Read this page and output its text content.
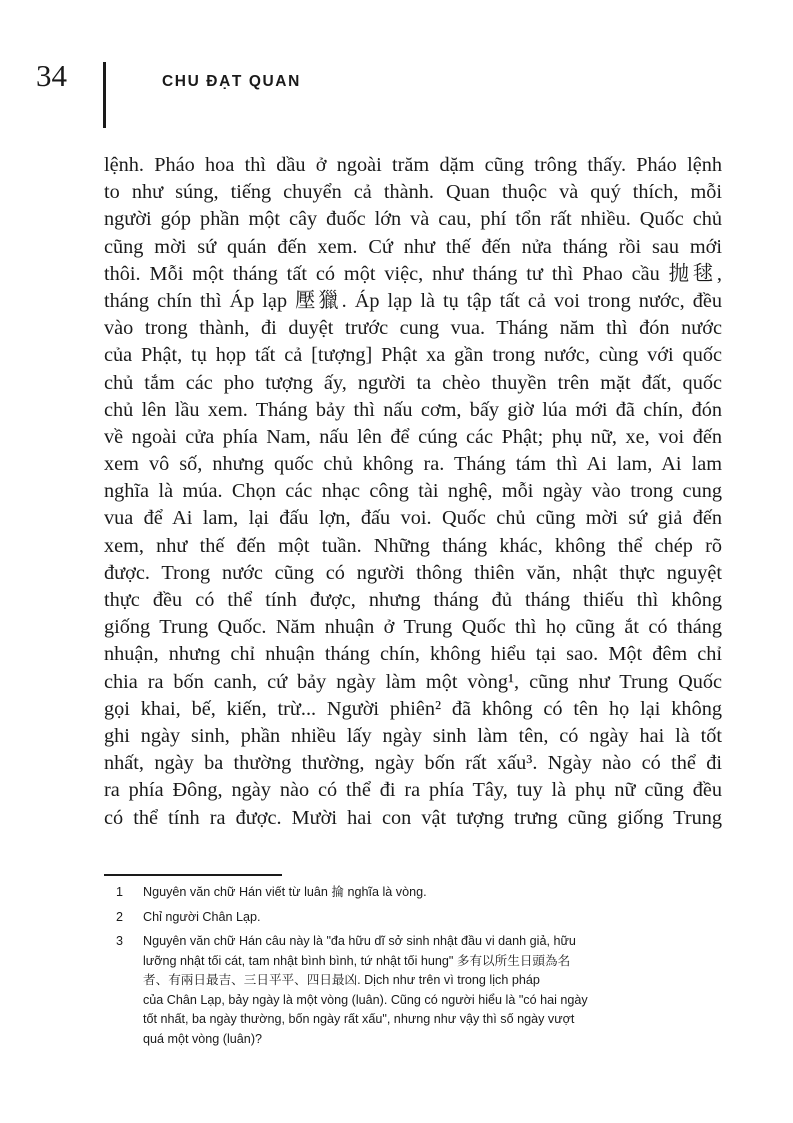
34	CHU ĐẠT QUAN
lệnh. Pháo hoa thì dầu ở ngoài trăm dặm cũng trông thấy. Pháo lệnh
to như súng, tiếng chuyển cả thành. Quan thuộc và quý thích, mỗi
người góp phần một cây đuốc lớn và cau, phí tổn rất nhiều. Quốc chủ
cũng mời sứ quán đến xem. Cứ như thế đến nửa tháng rồi sau mới
thôi. Mỗi một tháng tất có một việc, như tháng tư thì Phao cầu 抛毬,
tháng chín thì Áp lạp 壓獵. Áp lạp là tụ tập tất cả voi trong nước, đều
vào trong thành, đi duyệt trước cung vua. Tháng năm thì đón nước
của Phật, tụ họp tất cả [tượng] Phật xa gần trong nước, cùng với quốc
chủ tắm các pho tượng ấy, người ta chèo thuyền trên mặt đất, quốc
chủ lên lầu xem. Tháng bảy thì nấu cơm, bấy giờ lúa mới đã chín, đón
về ngoài cửa phía Nam, nấu lên để cúng các Phật; phụ nữ, xe, voi đến
xem vô số, nhưng quốc chủ không ra. Tháng tám thì Ai lam, Ai lam
nghĩa là múa. Chọn các nhạc công tài nghệ, mỗi ngày vào trong cung
vua để Ai lam, lại đấu lợn, đấu voi. Quốc chủ cũng mời sứ giả đến
xem, như thế đến một tuần. Những tháng khác, không thể chép rõ
được. Trong nước cũng có người thông thiên văn, nhật thực nguyệt
thực đều có thể tính được, nhưng tháng đủ tháng thiếu thì không
giống Trung Quốc. Năm nhuận ở Trung Quốc thì họ cũng ắt có tháng
nhuận, nhưng chỉ nhuận tháng chín, không hiểu tại sao. Một đêm chỉ
chia ra bốn canh, cứ bảy ngày làm một vòng¹, cũng như Trung Quốc
gọi khai, bế, kiến, trừ... Người phiên² đã không có tên họ lại không
ghi ngày sinh, phần nhiều lấy ngày sinh làm tên, có ngày hai là tốt
nhất, ngày ba thường thường, ngày bốn rất xấu³. Ngày nào có thể đi
ra phía Đông, ngày nào có thể đi ra phía Tây, tuy là phụ nữ cũng đều
có thể tính ra được. Mười hai con vật tượng trưng cũng giống Trung
1 Nguyên văn chữ Hán viết từ luân 掄 nghĩa là vòng.
2 Chỉ người Chân Lạp.
3 Nguyên văn chữ Hán câu này là "đa hữu dĩ sở sinh nhật đầu vi danh giả, hữu
lưỡng nhật tối cát, tam nhật bình bình, tứ nhật tối hung" 多有以所生日頭為名
者、有兩日最吉、三日平平、四日最凶. Dịch như trên vì trong lịch pháp
của Chân Lạp, bảy ngày là một vòng (luân). Cũng có người hiểu là "có hai ngày
tốt nhất, ba ngày thường, bốn ngày rất xấu", nhưng như vậy thì số ngày vượt
quá một vòng (luân)?
